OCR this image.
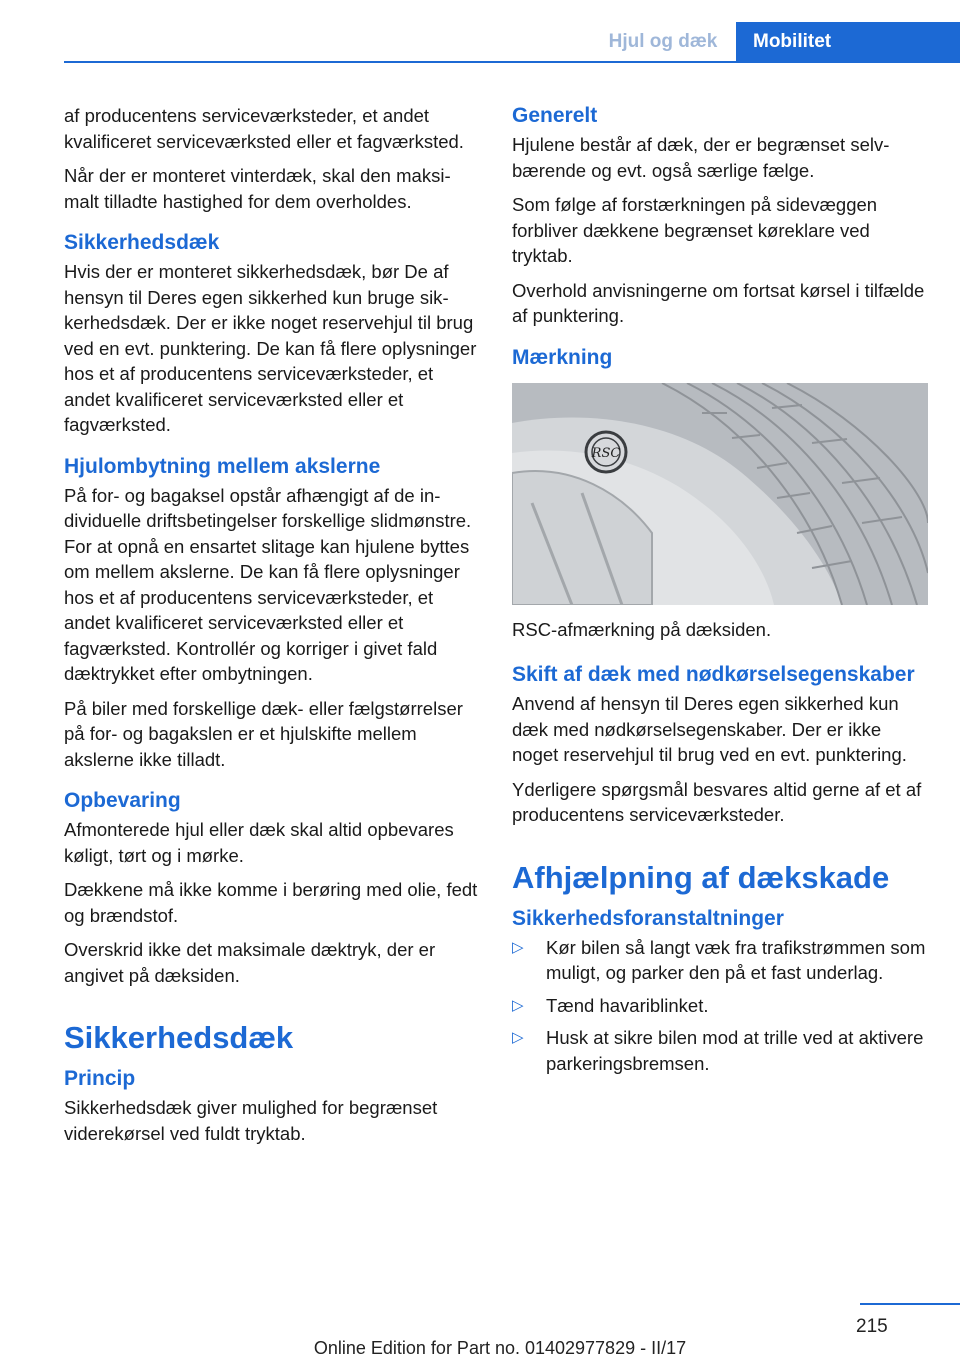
Hjul og dæk	Mobilitet

af producentens serviceværksteder, et andet kvalificeret serviceværksted eller et fagværksted.

Når der er monteret vinterdæk, skal den maksimalt tilladte hastighed for dem overholdes.

Sikkerhedsdæk

Hvis der er monteret sikkerhedsdæk, bør De af hensyn til Deres egen sikkerhed kun bruge sikkerhedsdæk. Der er ikke noget reservehjul til brug ved en evt. punktering. De kan få flere oplysninger hos et af producentens serviceværksteder, et andet kvalificeret serviceværksted eller et fagværksted.

Hjulombytning mellem akslerne

På for- og bagaksel opstår afhængigt af de individuelle driftsbetingelser forskellige slidmønstre. For at opnå en ensartet slitage kan hjulene byttes om mellem akslerne. De kan få flere oplysninger hos et af producentens serviceværksteder, et andet kvalificeret serviceværksted eller et fagværksted. Kontrollér og korriger i givet fald dæktrykket efter ombytningen.

På biler med forskellige dæk- eller fælgstørrelser på for- og bagakslen er et hjulskifte mellem akslerne ikke tilladt.

Opbevaring

Afmonterede hjul eller dæk skal altid opbevares køligt, tørt og i mørke.

Dækkene må ikke komme i berøring med olie, fedt og brændstof.

Overskrid ikke det maksimale dæktryk, der er angivet på dæksiden.

Sikkerhedsdæk
Princip

Sikkerhedsdæk giver mulighed for begrænset viderekørsel ved fuldt tryktab.

Generelt

Hjulene består af dæk, der er begrænset selvbærende og evt. også særlige fælge.

Som følge af forstærkningen på sidevæggen forbliver dækkene begrænset køreklare ved tryktab.

Overhold anvisningerne om fortsat kørsel i tilfælde af punktering.

Mærkning
RSC

RSC-afmærkning på dæksiden.

Skift af dæk med nødkørselsegenskaber

Anvend af hensyn til Deres egen sikkerhed kun dæk med nødkørselsegenskaber. Der er ikke noget reservehjul til brug ved en evt. punktering.

Yderligere spørgsmål besvares altid gerne af et af producentens serviceværksteder.

Afhjælpning af dækskade
Sikkerhedsforanstaltninger
▷ Kør bilen så langt væk fra trafikstrømmen som muligt, og parker den på et fast underlag.
▷ Tænd havariblinket.
▷ Husk at sikre bilen mod at trille ved at aktivere parkeringsbremsen.
215
Online Edition for Part no. 01402977829 - II/17
